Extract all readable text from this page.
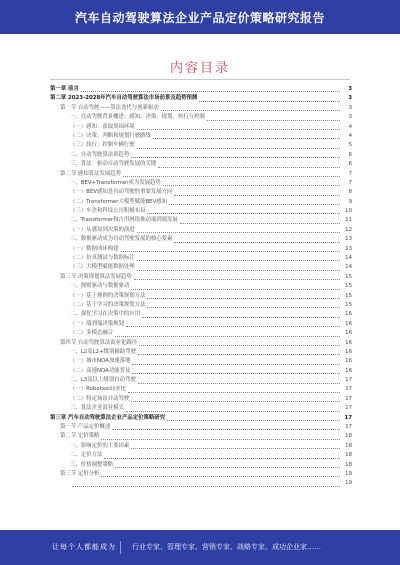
汽车自动驾驶算法企业产品定价策略研究报告
内容目录
第一章 前言	3
第二章 2023-2028年汽车自动驾驶算法市场前景及趋势预测	3
第一节 自动驾驶——算法迭代与创新驱动	3
一、自动驾驶背景概述：感知、决策、规划、执行与控制	3
（一）感知：获取周围环境	4
（二）决策：判断和规划行驶路线	4
（三）执行：控制车辆行驶	5
二、自动驾驶算法新趋势	6
三、算法：驱动自动驾驶发展的关键	6
第二节 感知算法发展趋势	7
一、BEV+Transformer成为发展趋势	7
（一）BEV感知是自动驾驶的重要发展方向	8
（二）Transformer大模型赋能BEV感知	9
（三）车企和科技公司积极布局	10
二、Transformer和占用网络推动端到端发展	11
（一）从感知到决策的演进	12
三、数据驱动成为自动驾驶发展的核心要素	13
（一）数据闭环构建	13
（二）仿真测试与数据标注	14
（三）大模型赋能数据处理	14
第三节 决策规划算法发展趋势	15
一、规则驱动与数据驱动	15
（一）基于规则的决策规划方法	15
（二）基于学习的决策规划方法	15
二、强化学习在决策中的应用	16
（一）端到端决策规划	16
（二）多模态融合	16
第四节 自动驾驶算法商业化路径	16
一、L2及L2+级别辅助驾驶	16
（一）城市NOA加速落地	16
（二）高速NOA功能普及	16
二、L3及以上级别自动驾驶	17
（一）Robotaxi商业化	17
（二）特定场景自动驾驶	17
三、算法企业商业模式	17
第三章 汽车自动驾驶算法企业产品定价策略研究	17
第一节 产品定价概述	17
第二节 定价策略	18
一、影响定价的主要因素	18
二、定价方法	18
三、价格调整策略	18
第三节 定价分析	19
19
让每个人都能成为 行业专家、管理专家、营销专家、战略专家、成功企业家……
